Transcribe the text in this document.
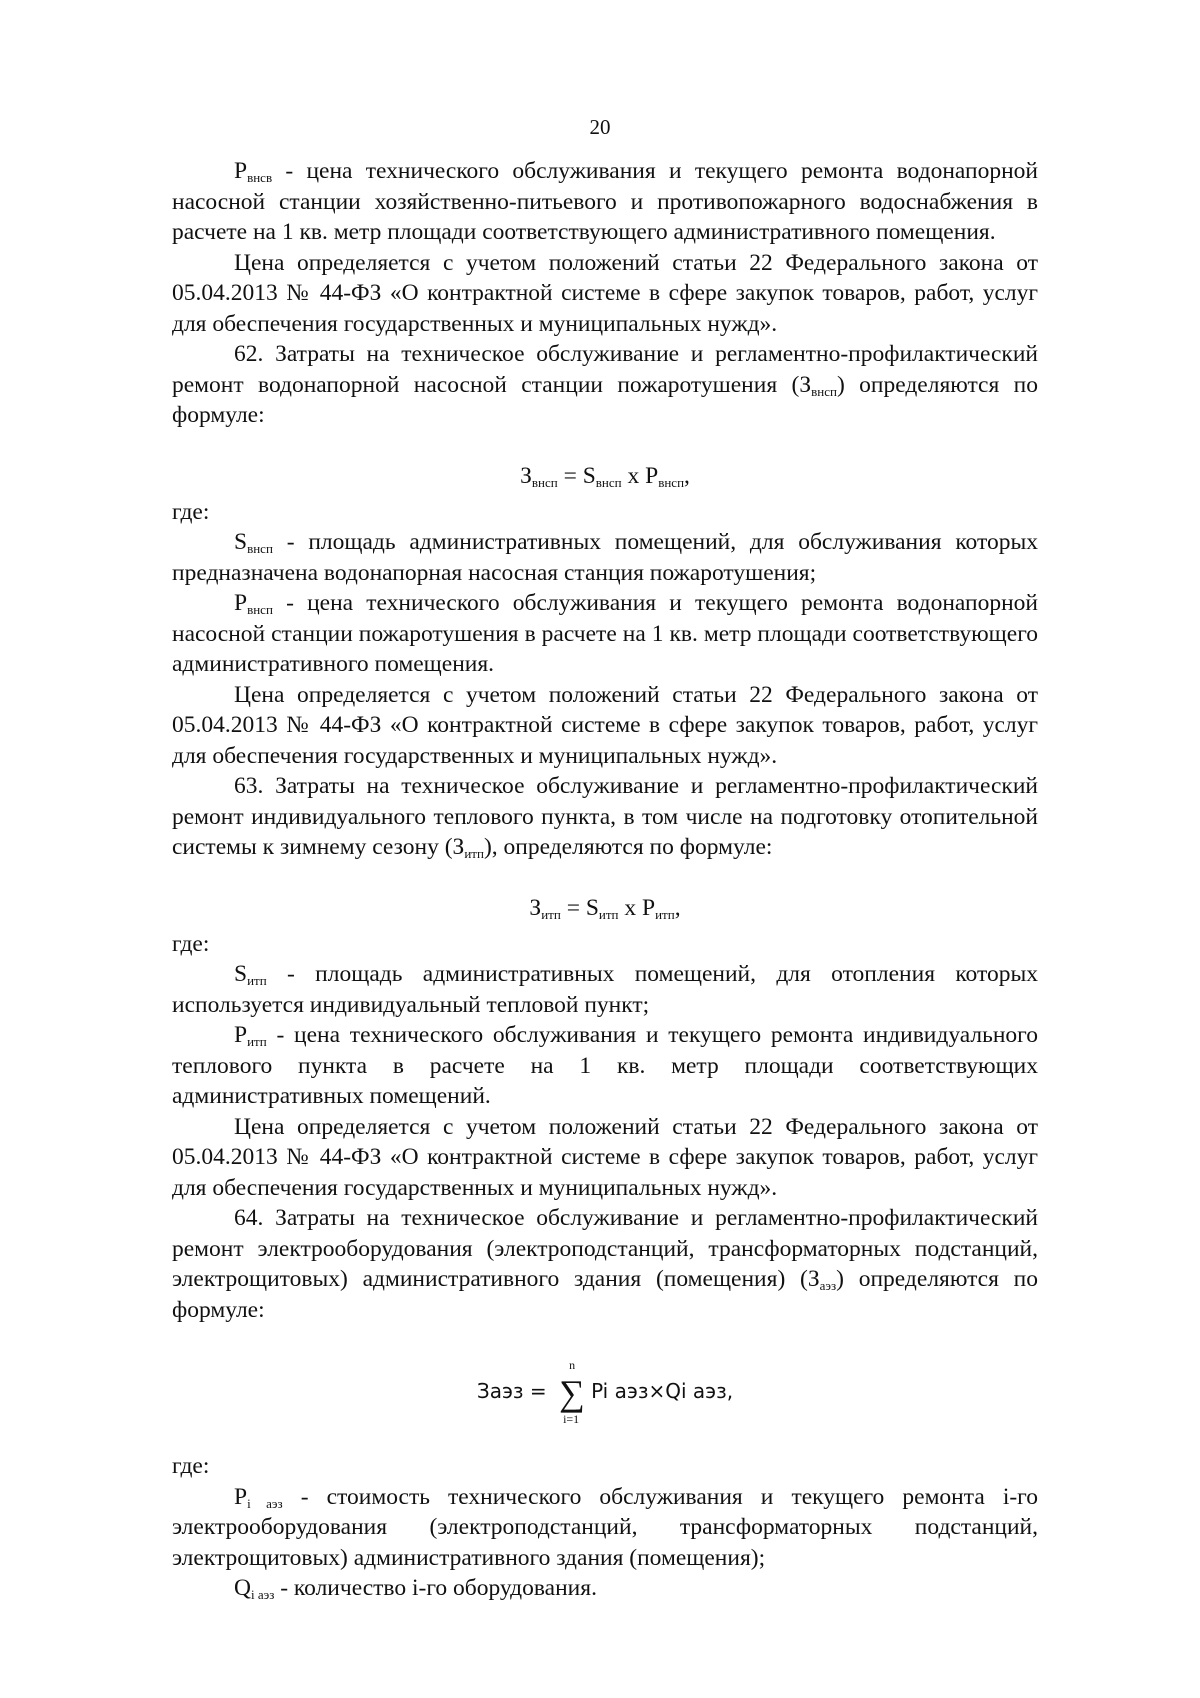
20

$Р_{внсв}$ - цена технического обслуживания и текущего ремонта водонапорной насосной станции хозяйственно-питьевого и противопожарного водоснабжения в расчете на 1 кв. метр площади соответствующего административного помещения.

Цена определяется с учетом положений статьи 22 Федерального закона от 05.04.2013 № 44-ФЗ «О контрактной системе в сфере закупок товаров, работ, услуг для обеспечения государственных и муниципальных нужд».

62. Затраты на техническое обслуживание и регламентно-профилактический ремонт водонапорной насосной станции пожаротушения $(З_{внсп})$ определяются по формуле:

$З_{внсп} = S_{внсп}$ x $Р_{внсп}$,

где:

$S_{внсп}$ - площадь административных помещений, для обслуживания которых предназначена водонапорная насосная станция пожаротушения;

$Р_{внсп}$ - цена технического обслуживания и текущего ремонта водонапорной насосной станции пожаротушения в расчете на 1 кв. метр площади соответствующего административного помещения.

Цена определяется с учетом положений статьи 22 Федерального закона от 05.04.2013 № 44-ФЗ «О контрактной системе в сфере закупок товаров, работ, услуг для обеспечения государственных и муниципальных нужд».

63. Затраты на техническое обслуживание и регламентно-профилактический ремонт индивидуального теплового пункта, в том числе на подготовку отопительной системы к зимнему сезону $(З_{итп})$, определяются по формуле:

$З_{итп} = S_{итп}$ x $Р_{итп}$,

где:

$S_{итп}$ - площадь административных помещений, для отопления которых используется индивидуальный тепловой пункт;

$Р_{итп}$ - цена технического обслуживания и текущего ремонта индивидуального теплового пункта в расчете на 1 кв. метр площади соответствующих административных помещений.

Цена определяется с учетом положений статьи 22 Федерального закона от 05.04.2013 № 44-ФЗ «О контрактной системе в сфере закупок товаров, работ, услуг для обеспечения государственных и муниципальных нужд».

64. Затраты на техническое обслуживание и регламентно-профилактический ремонт электрооборудования (электроподстанций, трансформаторных подстанций, электрощитовых) административного здания (помещения) $(З_{аэз})$ определяются по формуле:

Заэз =
n
∑
i=1
Pi аэз×Qi аэз,

где:

$Р_{i аэз}$ - стоимость технического обслуживания и текущего ремонта i-го электрооборудования (электроподстанций, трансформаторных подстанций, электрощитовых) административного здания (помещения);

$Q_{i аэз}$ - количество i-го оборудования.
